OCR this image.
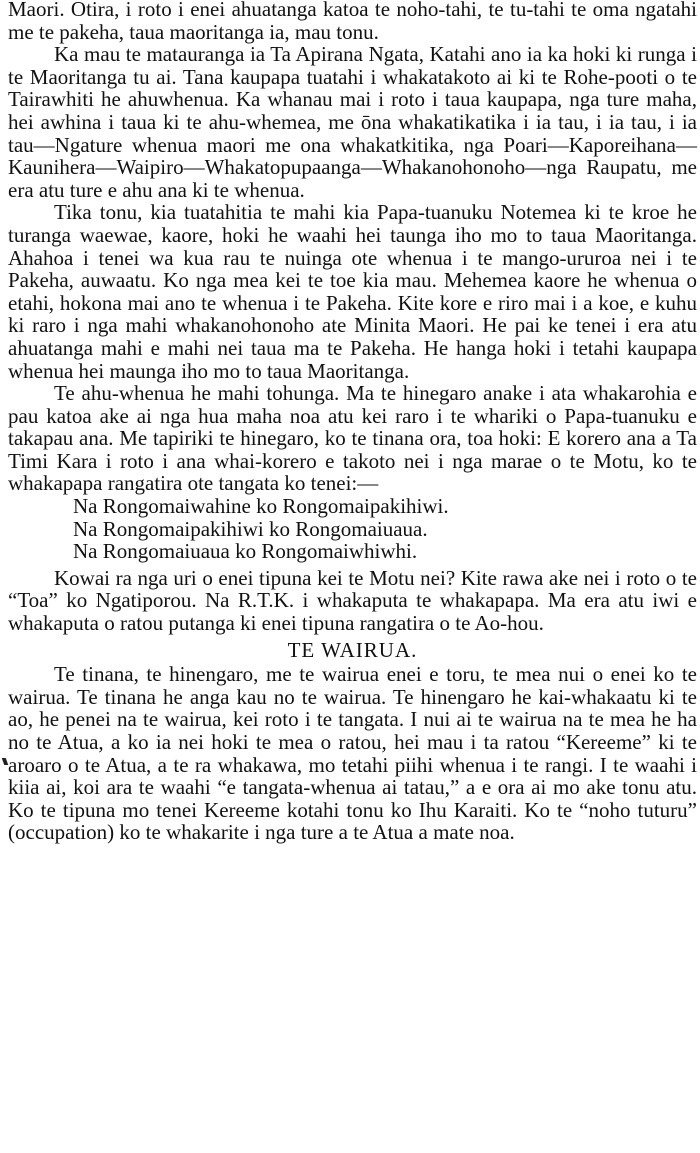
Maori. Otira, i roto i enei ahuatanga katoa te noho-tahi, te tu-tahi te oma ngatahi me te pakeha, taua maoritanga ia, mau tonu.

Ka mau te matauranga ia Ta Apirana Ngata, Katahi ano ia ka hoki ki runga i te Maoritanga tu ai. Tana kaupapa tuatahi i whakatakoto ai ki te Rohe-pooti o te Tairawhiti he ahuwhenua. Ka whanau mai i roto i taua kaupapa, nga ture maha, hei awhina i taua ki te ahu-whemea, me ōna whakatikatika i ia tau, i ia tau, i ia tau—Ngature whenua maori me ona whakatkitika, nga Poari—Kaporeihana—Kaunihera—Waipiro—Whakatopupaanga—Whakanohonoho—nga Raupatu, me era atu ture e ahu ana ki te whenua.

Tika tonu, kia tuatahitia te mahi kia Papa-tuanuku Notemea ki te kroe he turanga waewae, kaore, hoki he waahi hei taunga iho mo to taua Maoritanga. Ahahoa i tenei wa kua rau te nuinga ote whenua i te mango-ururoa nei i te Pakeha, auwaatu. Ko nga mea kei te toe kia mau. Mehemea kaore he whenua o etahi, hokona mai ano te whenua i te Pakeha. Kite kore e riro mai i a koe, e kuhu ki raro i nga mahi whakanohonoho ate Minita Maori. He pai ke tenei i era atu ahuatanga mahi e mahi nei taua ma te Pakeha. He hanga hoki i tetahi kaupapa whenua hei maunga iho mo to taua Maoritanga.

Te ahu-whenua he mahi tohunga. Ma te hinegaro anake i ata whakarohia e pau katoa ake ai nga hua maha noa atu kei raro i te whariki o Papa-tuanuku e takapau ana. Me tapiriki te hinegaro, ko te tinana ora, toa hoki: E korero ana a Ta Timi Kara i roto i ana whai-korero e takoto nei i nga marae o te Motu, ko te whakapapa rangatira ote tangata ko tenei:—

Na Rongomaiwahine ko Rongomaipakihiwi.
Na Rongomaipakihiwi ko Rongomaiuaua.
Na Rongomaiuaua ko Rongomaiwhiwhi.

Kowai ra nga uri o enei tipuna kei te Motu nei? Kite rawa ake nei i roto o te “Toa” ko Ngatiporou. Na R.T.K. i whakaputa te whakapapa. Ma era atu iwi e whakaputa o ratou putanga ki enei tipuna rangatira o te Ao-hou.

TE WAIRUA.

Te tinana, te hinengaro, me te wairua enei e toru, te mea nui o enei ko te wairua. Te tinana he anga kau no te wairua. Te hinengaro he kai-whakaatu ki te ao, he penei na te wairua, kei roto i te tangata. I nui ai te wairua na te mea he ha no te Atua, a ko ia nei hoki te mea o ratou, hei mau i ta ratou “Kereeme” ki te aroaro o te Atua, a te ra whakawa, mo tetahi piihi whenua i te rangi. I te waahi i kiia ai, koi ara te waahi “e tangata-whenua ai tatau,” a e ora ai mo ake tonu atu. Ko te tipuna mo tenei Kereeme kotahi tonu ko Ihu Karaiti. Ko te “noho tuturu” (occupation) ko te whakarite i nga ture a te Atua a mate noa.
